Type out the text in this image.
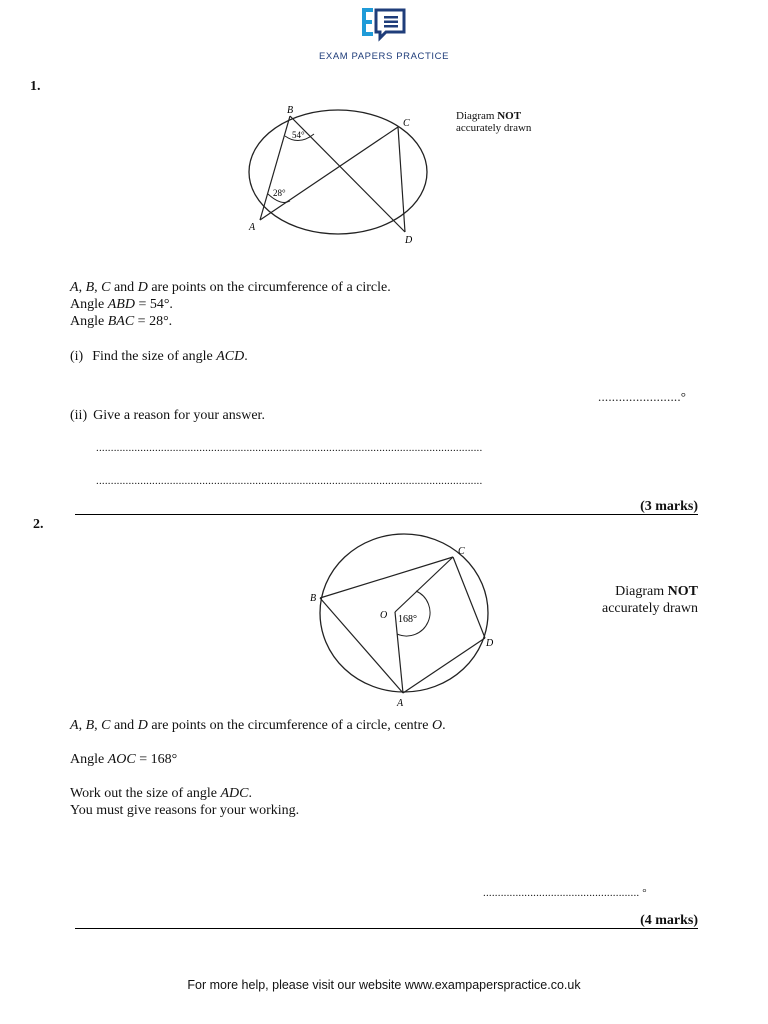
EXAM PAPERS PRACTICE
1.
B
C
A
D
54°
28°
Diagram NOT
accurately drawn
A, B, C and D are points on the circumference of a circle.
Angle ABD = 54°.
Angle BAC = 28°.
(i) Find the size of angle ACD.
........................°
(ii) Give a reason for your answer.
...................................................................................................................................
...................................................................................................................................
(3 marks)
2.
C
B
O
D
A
168°
Diagram NOT
accurately drawn
A, B, C and D are points on the circumference of a circle, centre O.
Angle AOC = 168°
Work out the size of angle ADC.
You must give reasons for your working.
..................................................... °
(4 marks)
For more help, please visit our website www.exampaperspractice.co.uk
